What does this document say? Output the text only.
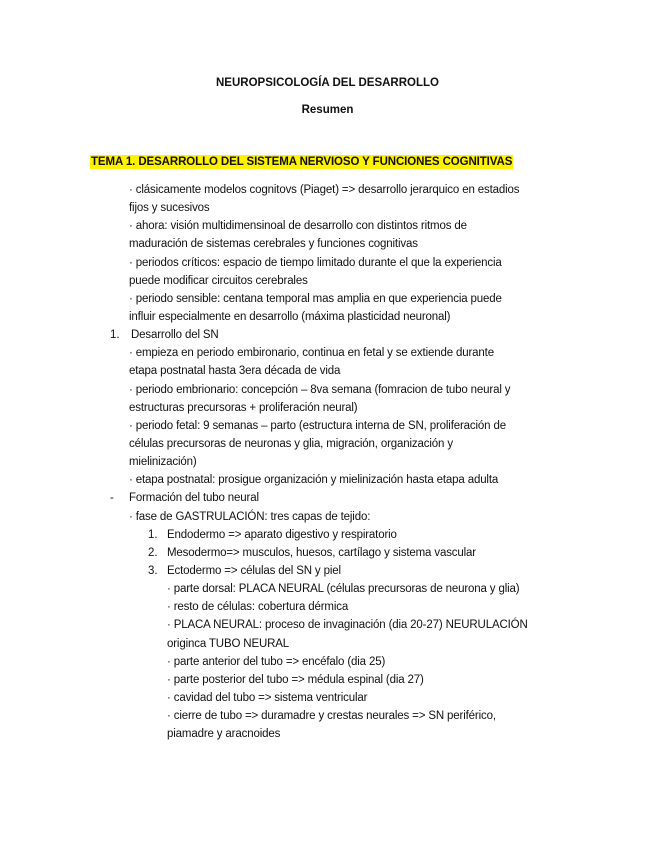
NEUROPSICOLOGÍA DEL DESARROLLO
Resumen
TEMA 1. DESARROLLO DEL SISTEMA NERVIOSO Y FUNCIONES COGNITIVAS
· clásicamente modelos cognitovs (Piaget) => desarrollo jerarquico en estadios
fijos y sucesivos
· ahora: visión multidimensinoal de desarrollo con distintos ritmos de
maduración de sistemas cerebrales y funciones cognitivas
· periodos críticos: espacio de tiempo limitado durante el que la experiencia
puede modificar circuitos cerebrales
· periodo sensible: centana temporal mas amplia en que experiencia puede
influir especialmente en desarrollo (máxima plasticidad neuronal)
1. Desarrollo del SN
· empieza en periodo embironario, continua en fetal y se extiende durante
etapa postnatal hasta 3era década de vida
· periodo embrionario: concepción – 8va semana (fomracion de tubo neural y
estructuras precursoras + proliferación neural)
· periodo fetal: 9 semanas – parto (estructura interna de SN, proliferación de
células precursoras de neuronas y glia, migración, organización y
mielinización)
· etapa postnatal: prosigue organización y mielinización hasta etapa adulta
- Formación del tubo neural
· fase de GASTRULACIÓN: tres capas de tejido:
1. Endodermo => aparato digestivo y respiratorio
2. Mesodermo=> musculos, huesos, cartílago y sistema vascular
3. Ectodermo => células del SN y piel
· parte dorsal: PLACA NEURAL (células precursoras de neurona y glia)
· resto de células: cobertura dérmica
· PLACA NEURAL: proceso de invaginación (dia 20-27) NEURULACIÓN
originca TUBO NEURAL
· parte anterior del tubo => encéfalo (dia 25)
· parte posterior del tubo => médula espinal (dia 27)
· cavidad del tubo => sistema ventricular
· cierre de tubo => duramadre y crestas neurales => SN periférico,
piamadre y aracnoides
